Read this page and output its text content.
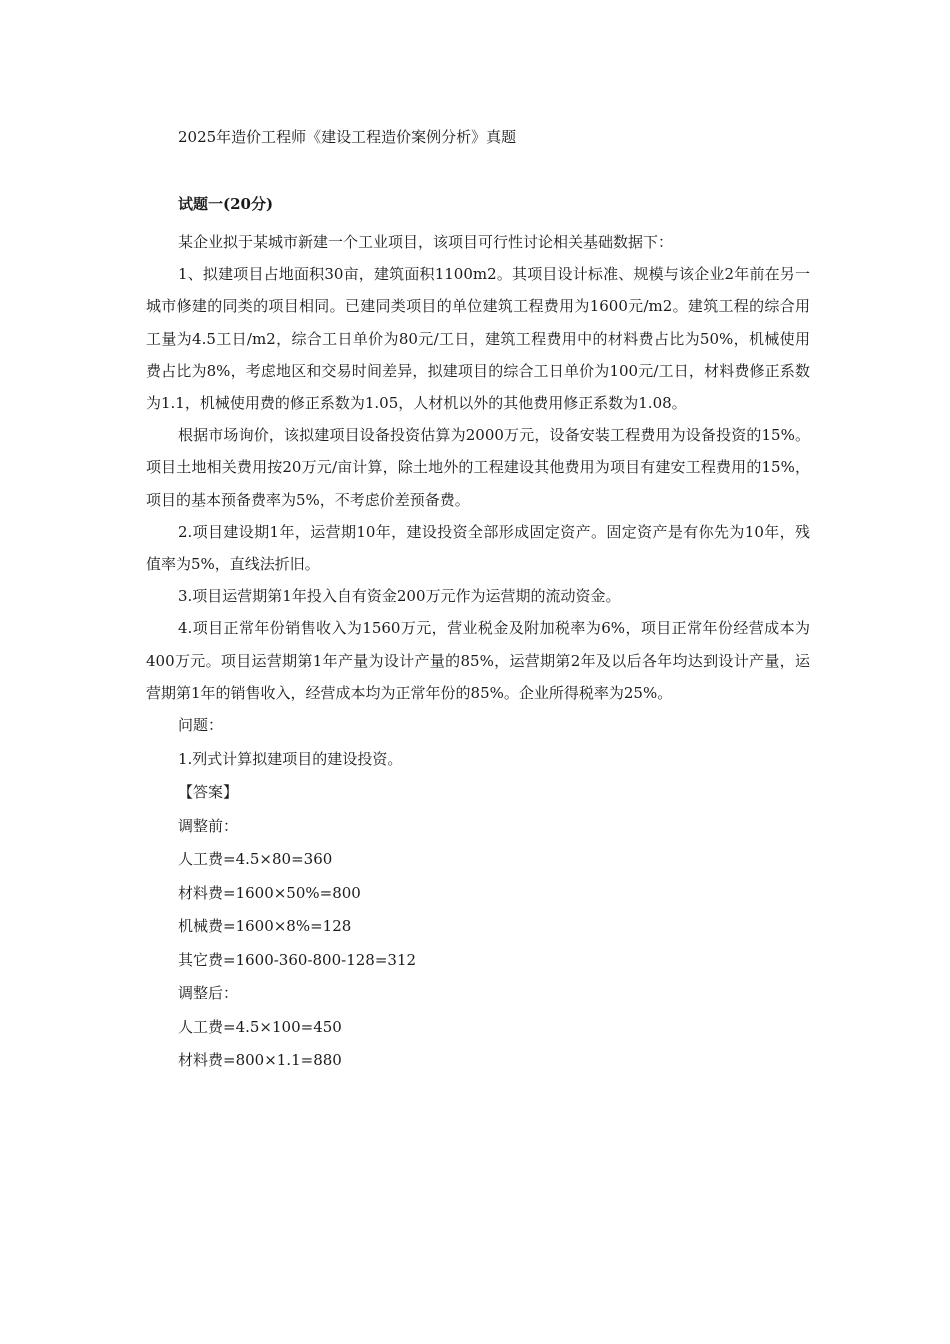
2025年造价工程师《建设工程造价案例分析》真题
试题一(20分)

某企业拟于某城市新建一个工业项目，该项目可行性讨论相关基础数据下：

1、拟建项目占地面积30亩，建筑面积1100m2。其项目设计标准、规模与该企业2年前在另一城市修建的同类的项目相同。已建同类项目的单位建筑工程费用为1600元/m2。建筑工程的综合用工量为4.5工日/m2，综合工日单价为80元/工日，建筑工程费用中的材料费占比为50%，机械使用费占比为8%，考虑地区和交易时间差异，拟建项目的综合工日单价为100元/工日，材料费修正系数为1.1，机械使用费的修正系数为1.05，人材机以外的其他费用修正系数为1.08。

根据市场询价，该拟建项目设备投资估算为2000万元，设备安装工程费用为设备投资的15%。项目土地相关费用按20万元/亩计算，除土地外的工程建设其他费用为项目有建安工程费用的15%，项目的基本预备费率为5%，不考虑价差预备费。

2.项目建设期1年，运营期10年，建设投资全部形成固定资产。固定资产是有你先为10年，残值率为5%，直线法折旧。

3.项目运营期第1年投入自有资金200万元作为运营期的流动资金。

4.项目正常年份销售收入为1560万元，营业税金及附加税率为6%，项目正常年份经营成本为400万元。项目运营期第1年产量为设计产量的85%，运营期第2年及以后各年均达到设计产量，运营期第1年的销售收入，经营成本均为正常年份的85%。企业所得税率为25%。

问题：

1.列式计算拟建项目的建设投资。

【答案】

调整前：

人工费=4.5×80=360

材料费=1600×50%=800

机械费=1600×8%=128

其它费=1600-360-800-128=312

调整后：

人工费=4.5×100=450

材料费=800×1.1=880
